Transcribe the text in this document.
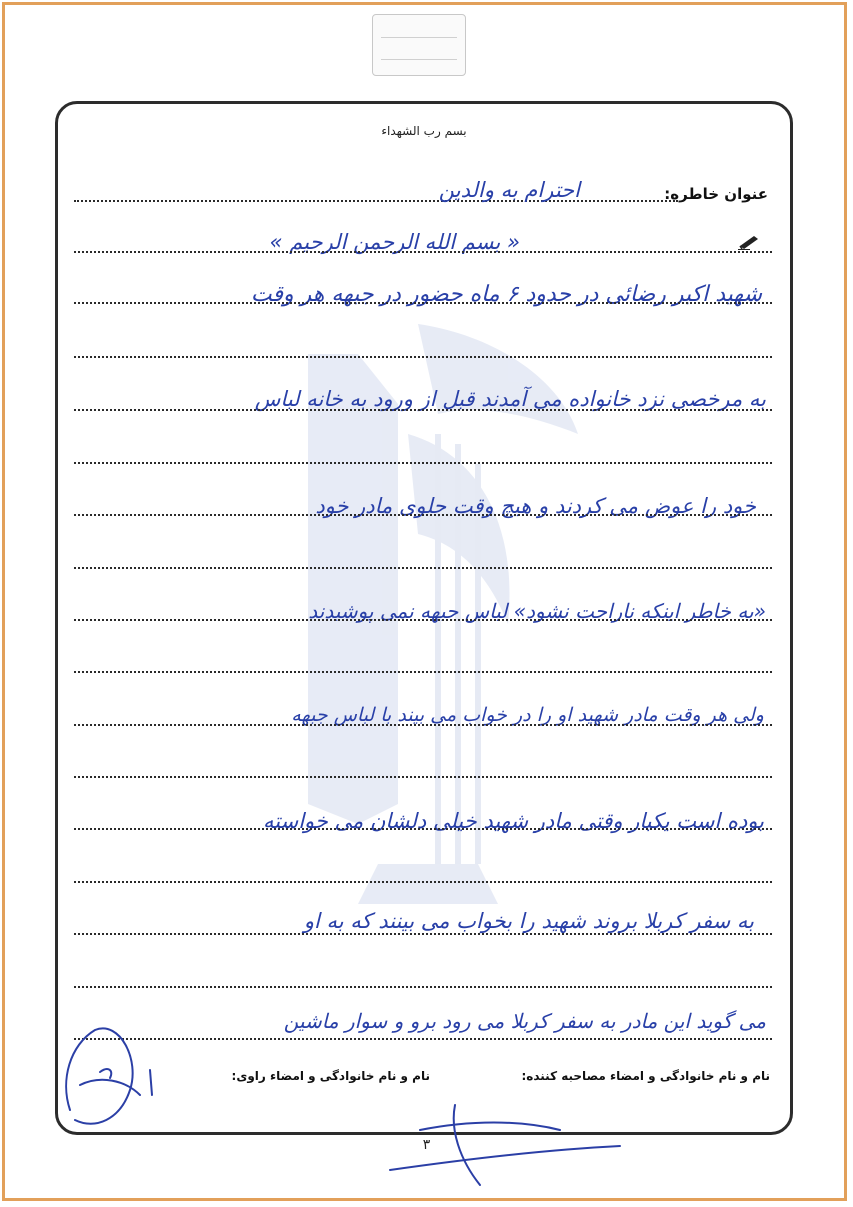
بسم رب الشهداء
عنوان خاطره:
احترام به والدین
« بسم الله الرحمن الرحیم »
شهید اکبر رضائی در حدود ۶ ماه حضور در جبهه هر وقت
به مرخصی نزد خانواده می آمدند قبل از ورود به خانه لباس
خود را عوض می کردند و هیچ وقت جلوی مادر خود
«به خاطر اینکه ناراحت نشود» لباس جبهه نمی پوشیدند
ولی هر وقت مادر شهید او را در خواب می بیند با لباس جبهه
بوده است یکبار وقتی مادر شهید خیلی دلشان می خواسته
به سفر کربلا بروند شهید را بخواب می بینند که به او
می گوید این مادر به سفر کربلا می رود برو و سوار ماشین
نام و نام خانوادگی و امضاء مصاحبه کننده:
نام و نام خانوادگی و امضاء راوی:
۳
